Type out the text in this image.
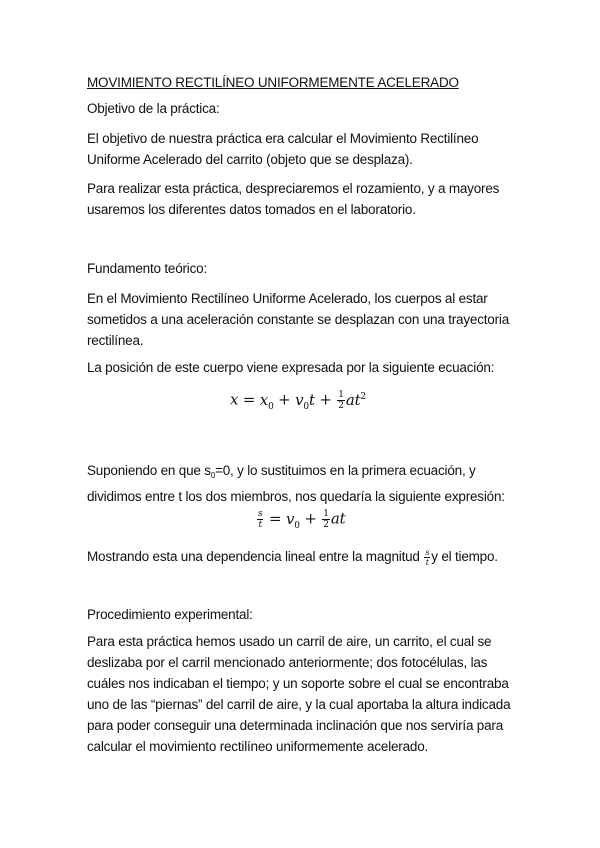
MOVIMIENTO RECTILÍNEO UNIFORMEMENTE ACELERADO

Objetivo de la práctica:

El objetivo de nuestra práctica era calcular el Movimiento Rectilíneo
Uniforme Acelerado del carrito (objeto que se desplaza).
Para realizar esta práctica, despreciaremos el rozamiento, y a mayores
usaremos los diferentes datos tomados en el laboratorio.

Fundamento teórico:

En el Movimiento Rectilíneo Uniforme Acelerado, los cuerpos al estar
sometidos a una aceleración constante se desplazan con una trayectoria
rectilínea.

La posición de este cuerpo viene expresada por la siguiente ecuación:

$x = x_0 + v_0t + \frac{1}{2} at^2$
Suponiendo en que $s_0=0$, y lo sustituimos en la primera ecuación, y
dividimos entre t los dos miembros, nos quedaría la siguiente expresión:
$\frac{s}{t} = v_0 + \frac{1}{2}$ at
Mostrando esta una dependencia lineal entre la magnitud $\frac{s}{t}$ y el tiempo.

Procedimiento experimental:

Para esta práctica hemos usado un carril de aire, un carrito, el cual se
deslizaba por el carril mencionado anteriormente; dos fotocélulas, las
cuáles nos indicaban el tiempo; y un soporte sobre el cual se encontraba
uno de las “piernas” del carril de aire, y la cual aportaba la altura indicada
para poder conseguir una determinada inclinación que nos serviría para
calcular el movimiento rectilíneo uniformemente acelerado.
